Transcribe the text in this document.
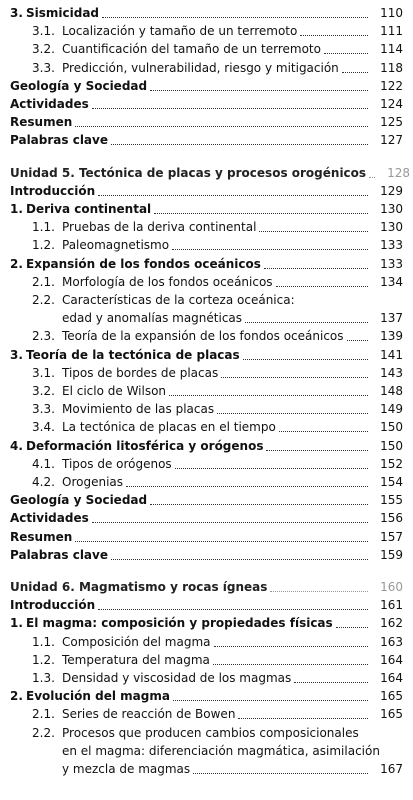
3. Sismicidad	110
3.1. Localización y tamaño de un terremoto	111
3.2. Cuantificación del tamaño de un terremoto	114
3.3. Predicción, vulnerabilidad, riesgo y mitigación	118
Geología y Sociedad	122
Actividades	124
Resumen	125
Palabras clave	127
Unidad 5. Tectónica de placas y procesos orogénicos	128
Introducción	129
1. Deriva continental	130
1.1. Pruebas de la deriva continental	130
1.2. Paleomagnetismo	133
2. Expansión de los fondos oceánicos	133
2.1. Morfología de los fondos oceánicos	134
2.2. Características de la corteza oceánica:
edad y anomalías magnéticas	137
2.3. Teoría de la expansión de los fondos oceánicos	139
3. Teoría de la tectónica de placas	141
3.1. Tipos de bordes de placas	143
3.2. El ciclo de Wilson	148
3.3. Movimiento de las placas	149
3.4. La tectónica de placas en el tiempo	150
4. Deformación litosférica y orógenos	150
4.1. Tipos de orógenos	152
4.2. Orogenias	154
Geología y Sociedad	155
Actividades	156
Resumen	157
Palabras clave	159
Unidad 6. Magmatismo y rocas ígneas	160
Introducción	161
1. El magma: composición y propiedades físicas	162
1.1. Composición del magma	163
1.2. Temperatura del magma	164
1.3. Densidad y viscosidad de los magmas	164
2. Evolución del magma	165
2.1. Series de reacción de Bowen	165
2.2. Procesos que producen cambios composicionales
en el magma: diferenciación magmática, asimilación
y mezcla de magmas	167
